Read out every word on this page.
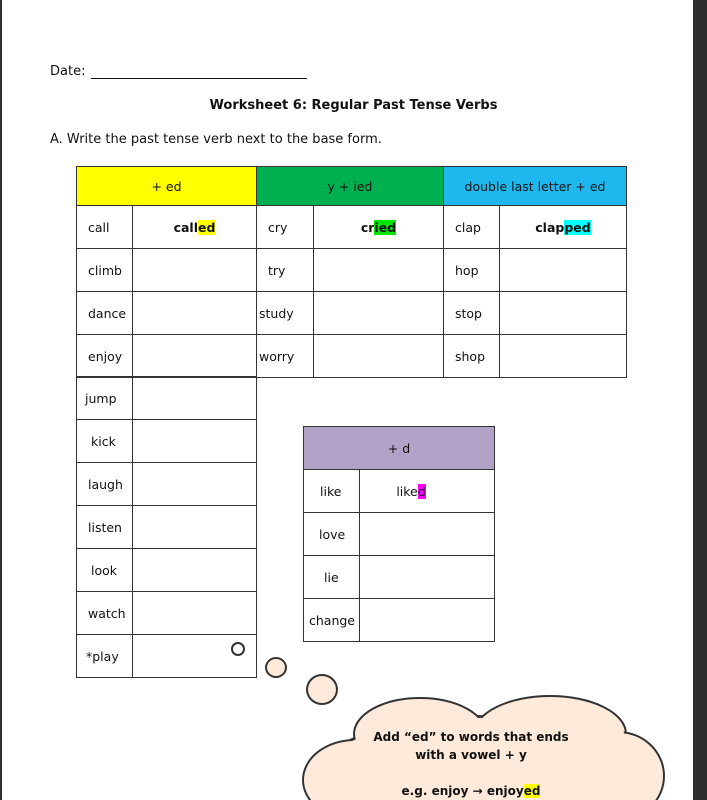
Date:
Worksheet 6: Regular Past Tense Verbs
A. Write the past tense verb next to the base form.
+ ed		y + ied		double last letter + ed	
call	called	cry	cried	clap	clapped
climb		try		hop	
dance		study		stop	
enjoy		worry		shop	
jump	
kick	
laugh	
listen	
look	
watch	
*play	
+ d	
like	liked
love	
lie	
change	
Add “ed” to words that ends
with a vowel + y
e.g. enjoy → enjoyed
